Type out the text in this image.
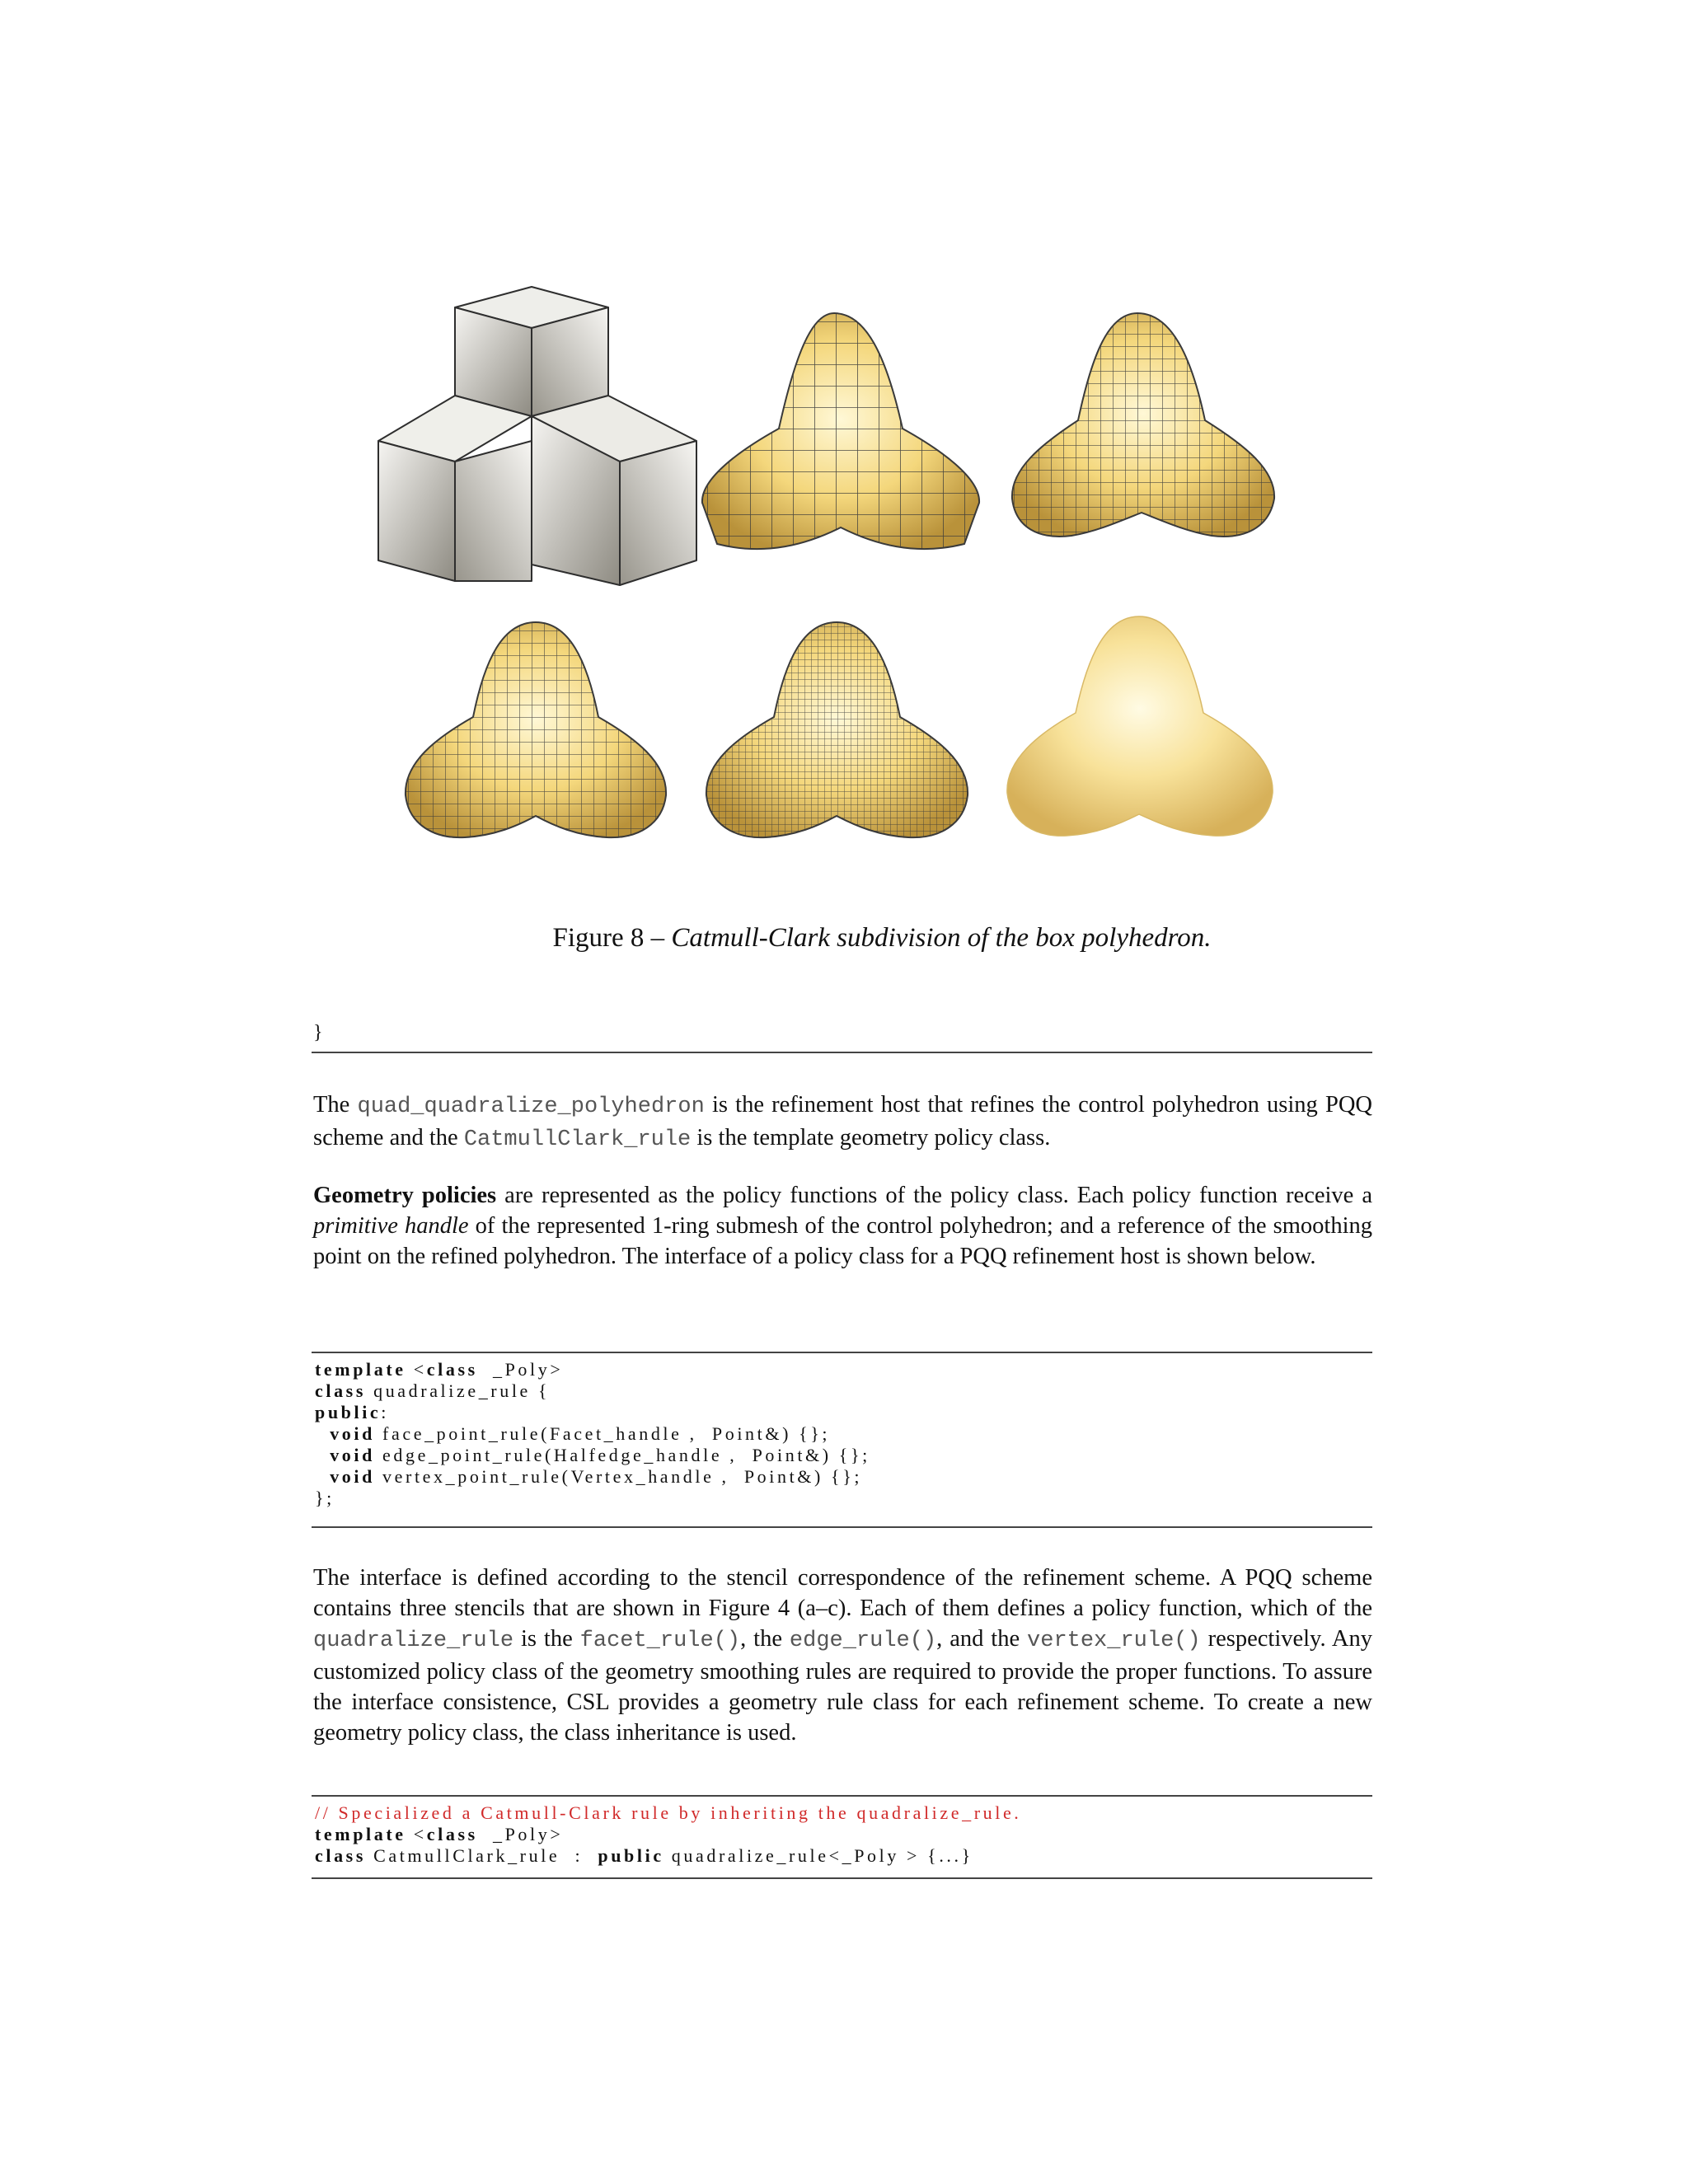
Figure 8 – Catmull-Clark subdivision of the box polyhedron.
}
The quad_quadralize_polyhedron is the refinement host that refines the control polyhedron using PQQ scheme and the CatmullClark_rule is the template geometry policy class.
Geometry policies are represented as the policy functions of the policy class. Each policy function receive a primitive handle of the represented 1-ring submesh of the control polyhedron; and a reference of the smoothing point on the refined polyhedron. The interface of a policy class for a PQQ refinement host is shown below.
template <class  _Poly>
class quadralize_rule {
public:
void face_point_rule(Facet_handle ,  Point&) {};
void edge_point_rule(Halfedge_handle ,  Point&) {};
void vertex_point_rule(Vertex_handle ,  Point&) {};
};
The interface is defined according to the stencil correspondence of the refinement scheme. A PQQ scheme contains three stencils that are shown in Figure 4 (a–c). Each of them defines a policy function, which of the quadralize_rule is the facet_rule(), the edge_rule(), and the vertex_rule() respectively. Any customized policy class of the geometry smoothing rules are required to provide the proper functions. To assure the interface consistence, CSL provides a geometry rule class for each refinement scheme. To create a new geometry policy class, the class inheritance is used.
// Specialized a Catmull-Clark rule by inheriting the quadralize_rule.
template <class  _Poly>
class CatmullClark_rule  :  public quadralize_rule<_Poly > {...}
